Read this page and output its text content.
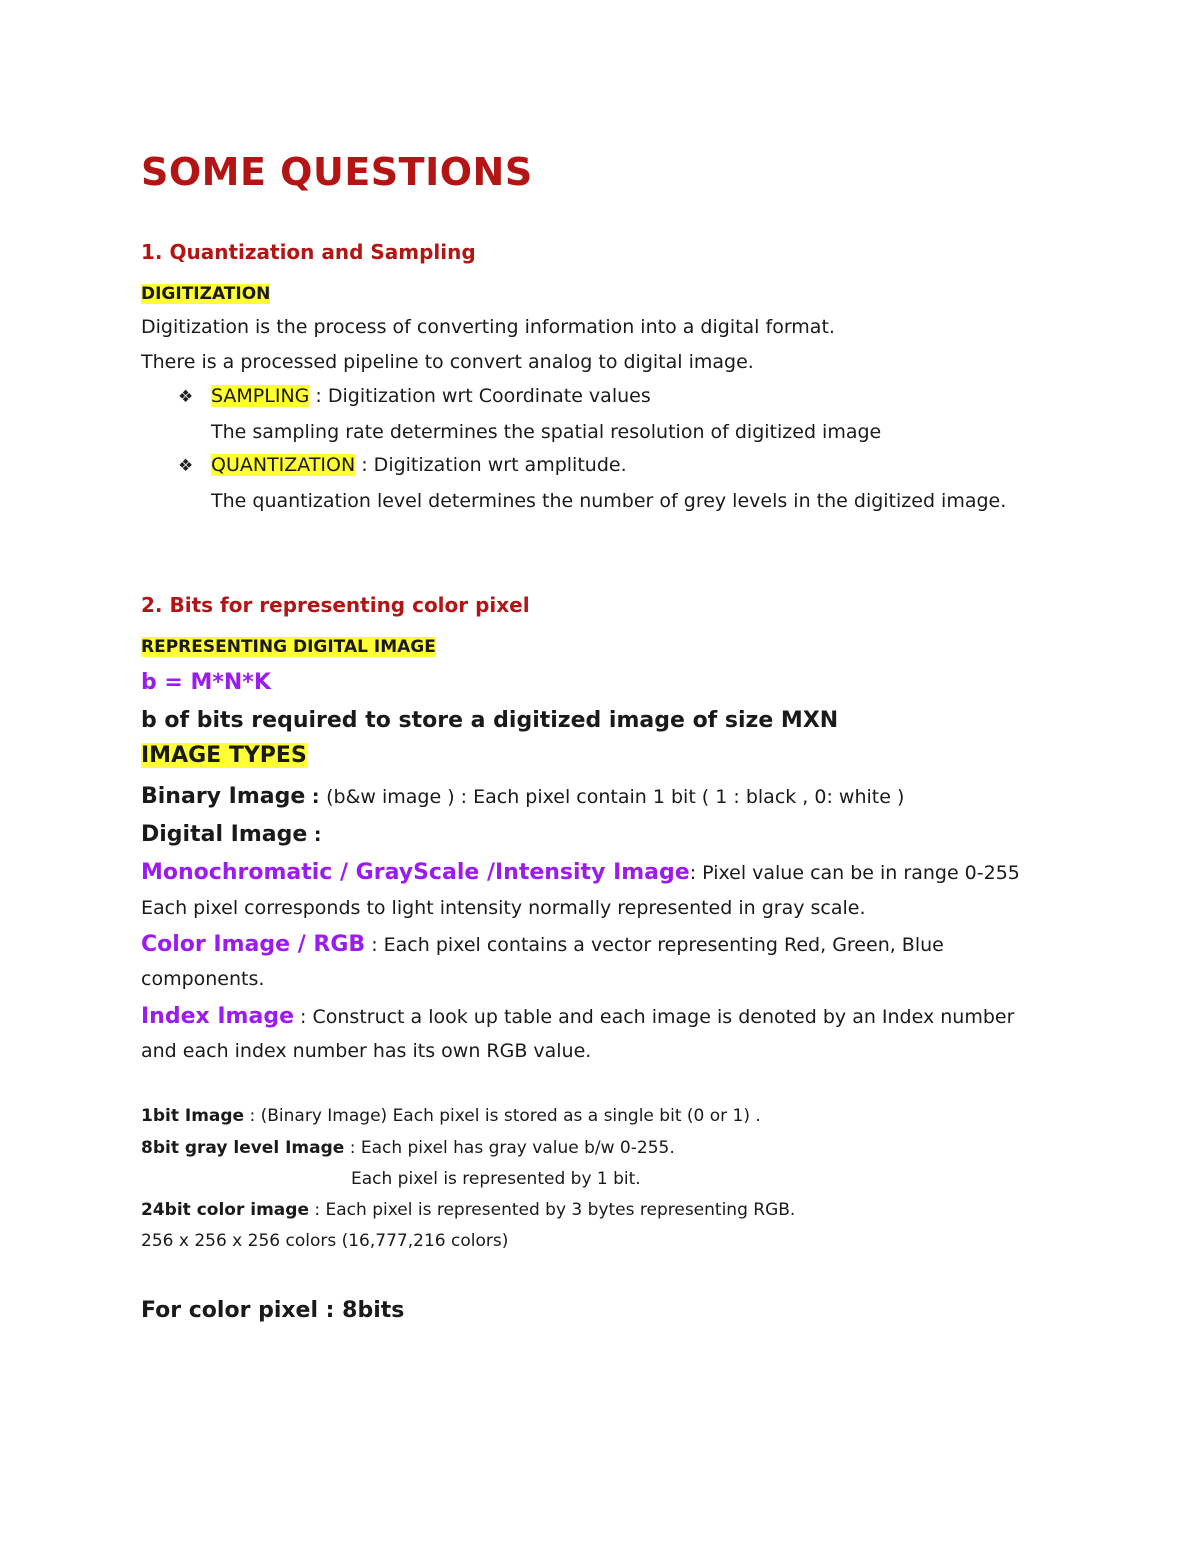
SOME QUESTIONS
1. Quantization and Sampling
DIGITIZATION
Digitization is the process of converting information into a digital format.
There is a processed pipeline to convert analog to digital image.
❖ SAMPLING : Digitization wrt Coordinate values
The sampling rate determines the spatial resolution of digitized image
❖ QUANTIZATION : Digitization wrt amplitude.
The quantization level determines the number of grey levels in the digitized image.
2. Bits for representing color pixel
REPRESENTING DIGITAL IMAGE
b = M*N*K
b of bits required to store a digitized image of size MXN
IMAGE TYPES
Binary Image : (b&w image ) : Each pixel contain 1 bit ( 1 : black , 0: white )
Digital Image :
Monochromatic / GrayScale /Intensity Image: Pixel value can be in range 0-255
Each pixel corresponds to light intensity normally represented in gray scale.
Color Image / RGB : Each pixel contains a vector representing Red, Green, Blue
components.
Index Image : Construct a look up table and each image is denoted by an Index number
and each index number has its own RGB value.
1bit Image : (Binary Image) Each pixel is stored as a single bit (0 or 1) .
8bit gray level Image : Each pixel has gray value b/w 0-255.
Each pixel is represented by 1 bit.
24bit color image : Each pixel is represented by 3 bytes representing RGB.
256 x 256 x 256 colors (16,777,216 colors)
For color pixel : 8bits
